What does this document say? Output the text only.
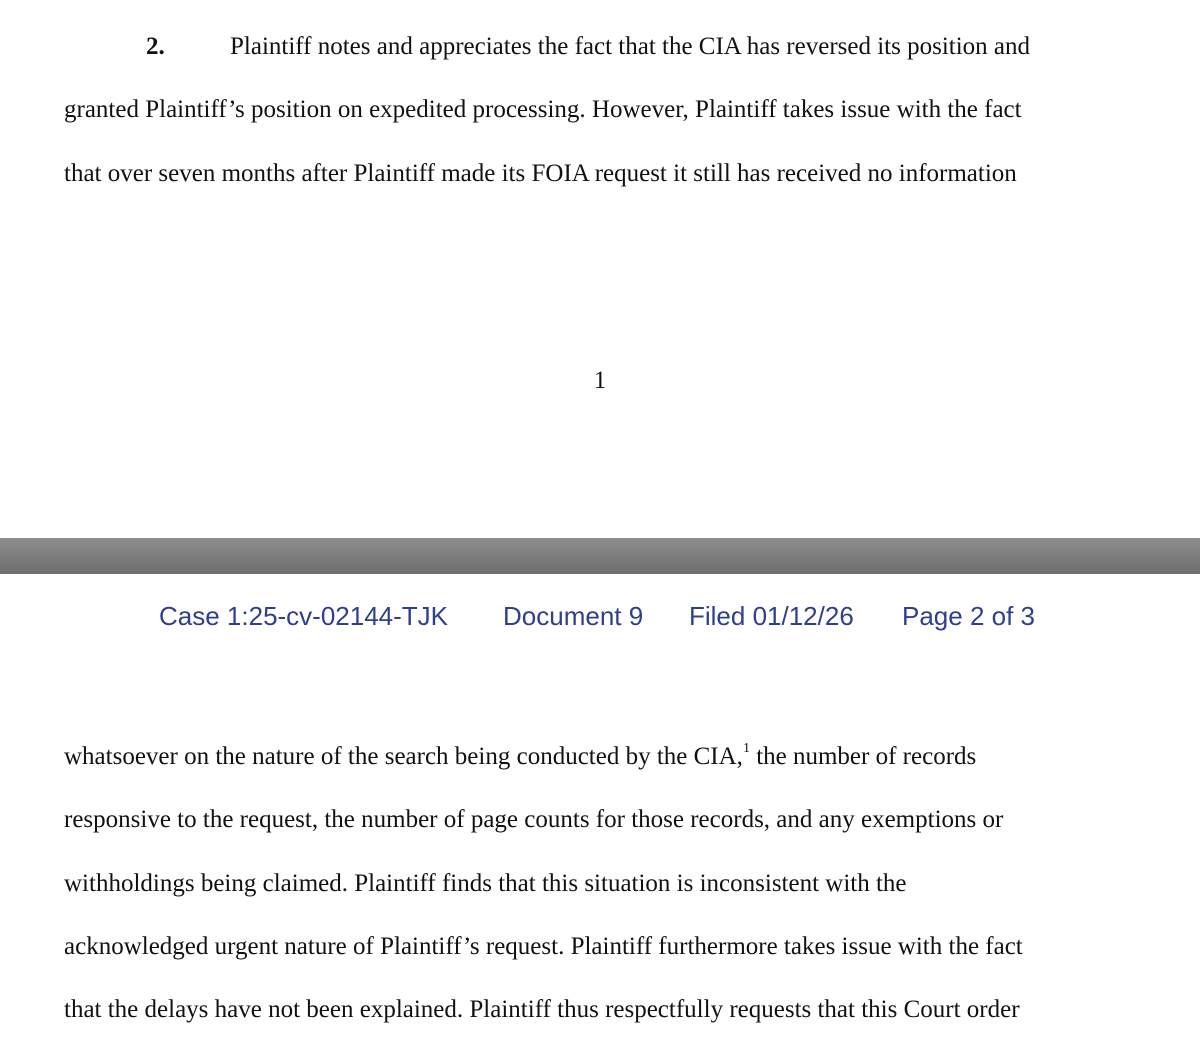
2.	Plaintiff notes and appreciates the fact that the CIA has reversed its position and
granted Plaintiff’s position on expedited processing. However, Plaintiff takes issue with the fact
that over seven months after Plaintiff made its FOIA request it still has received no information
1
Case 1:25-cv-02144-TJK Document 9 Filed 01/12/26 Page 2 of 3
whatsoever on the nature of the search being conducted by the CIA,$^1$ the number of records
responsive to the request, the number of page counts for those records, and any exemptions or
withholdings being claimed. Plaintiff finds that this situation is inconsistent with the
acknowledged urgent nature of Plaintiff’s request. Plaintiff furthermore takes issue with the fact
that the delays have not been explained. Plaintiff thus respectfully requests that this Court order
